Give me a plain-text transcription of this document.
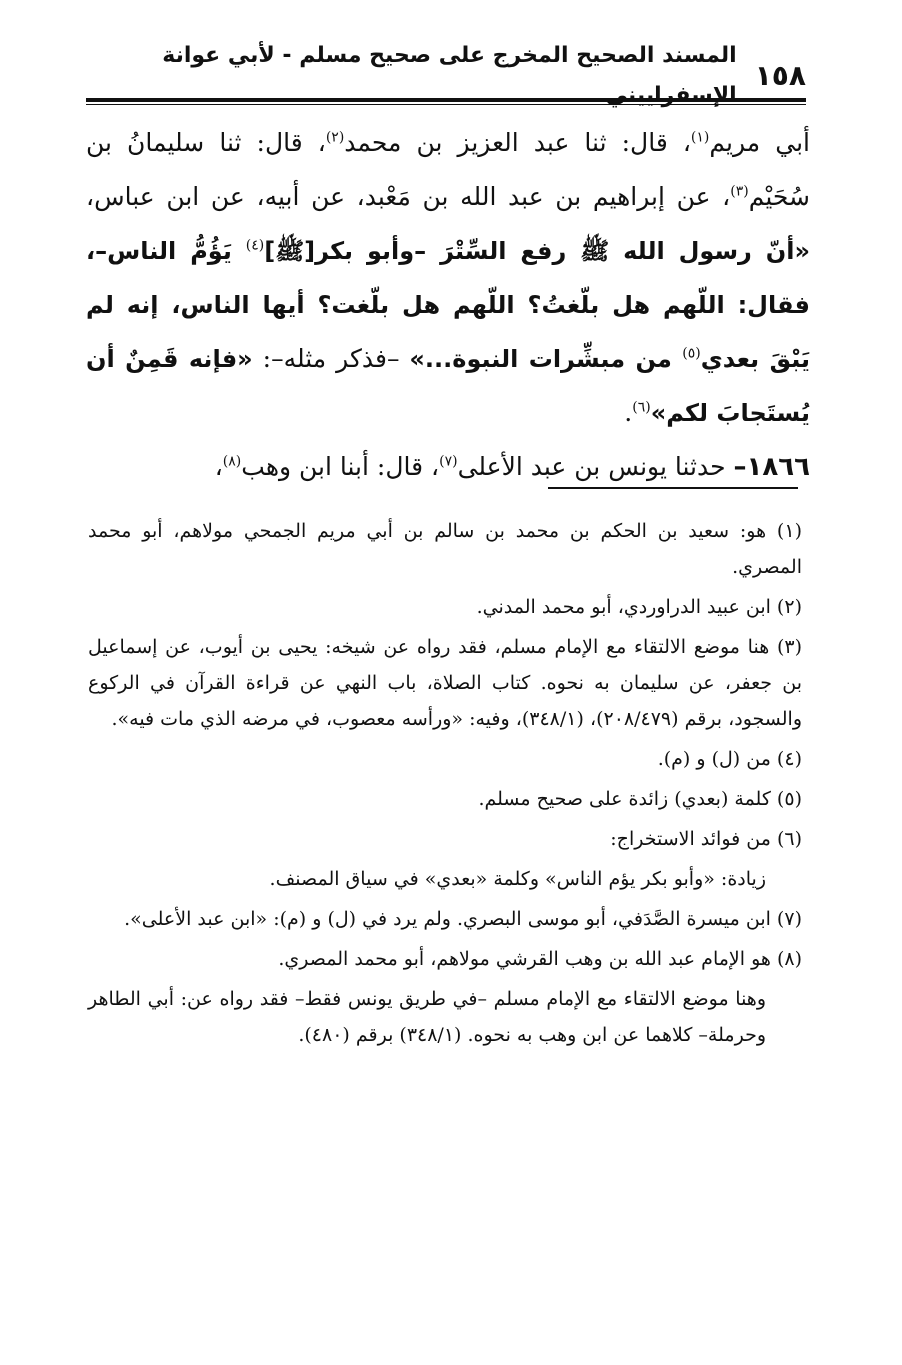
١٥٨
المسند الصحيح المخرج على صحيح مسلم - لأبي عوانة الإسفراييني

أبي مريم$^{(١)}$، قال: ثنا عبد العزيز بن محمد$^{(٢)}$، قال: ثنا سليمانُ بن سُحَيْم$^{(٣)}$، عن إبراهيم بن عبد الله بن مَعْبد، عن أبيه، عن ابن عباس، «أنّ رسول الله ﷺ رفع السِّتْرَ –وأبو بكر[ﷺ]$^{(٤)}$ يَؤُمُّ الناس–، فقال: اللّهم هل بلّغتُ؟ اللّهم هل بلّغت؟ أيها الناس، إنه لم يَبْقَ بعدي$^{(٥)}$ من مبشِّرات النبوة...» –فذكر مثله–: «فإنه قَمِنٌ أن يُستَجابَ لكم»$^{(٦)}$.

١٨٦٦– حدثنا يونس بن عبد الأعلى$^{(٧)}$، قال: أبنا ابن وهب$^{(٨)}$،

(١) هو: سعيد بن الحكم بن محمد بن سالم بن أبي مريم الجمحي مولاهم، أبو محمد المصري.

(٢) ابن عبيد الدراوردي، أبو محمد المدني.

(٣) هنا موضع الالتقاء مع الإمام مسلم، فقد رواه عن شيخه: يحيى بن أيوب، عن إسماعيل بن جعفر، عن سليمان به نحوه. كتاب الصلاة، باب النهي عن قراءة القرآن في الركوع والسجود، برقم (٢٠٨/٤٧٩)، (٣٤٨/١)، وفيه: «ورأسه معصوب، في مرضه الذي مات فيه».

(٤) من (ل) و (م).

(٥) كلمة (بعدي) زائدة على صحيح مسلم.

(٦) من فوائد الاستخراج:

زيادة: «وأبو بكر يؤم الناس» وكلمة «بعدي» في سياق المصنف.

(٧) ابن ميسرة الصَّدَفي، أبو موسى البصري. ولم يرد في (ل) و (م): «ابن عبد الأعلى».

(٨) هو الإمام عبد الله بن وهب القرشي مولاهم، أبو محمد المصري.

وهنا موضع الالتقاء مع الإمام مسلم –في طريق يونس فقط– فقد رواه عن: أبي الطاهر وحرملة– كلاهما عن ابن وهب به نحوه. (٣٤٨/١) برقم (٤٨٠).
